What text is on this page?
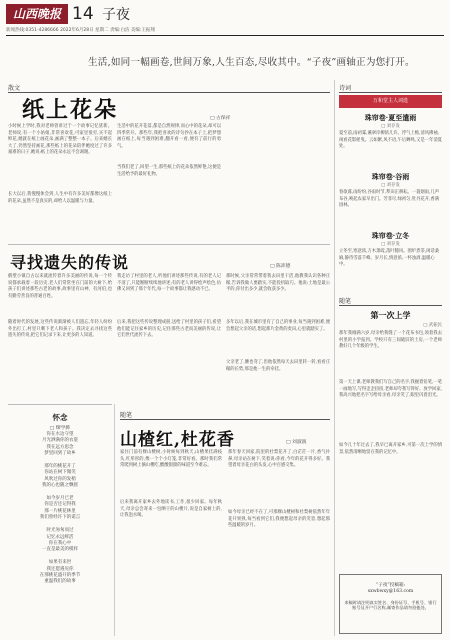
山西晚报 14 子夜
新闻热线:0351-4286666 2022年6月28日 星期二 责编:白洁 美编:王振翔
生活,如同一幅画卷,世间万象,人生百态,尽收其中。“子夜”画轴正为您打开。
散文	诗词
纸上花朵	□ 古保祥
小时候上学时,我对老师曾讲过于一个故事记忆犹新。老师说,有一个小姑娘,非常喜欢花,可家里很穷,买不起鲜花,她就在纸上画花朵,画满了整整一本子。后来她长大了,仍然坚持画花,那些纸上的花朵陪伴她度过了许多艰难的日子,她说:纸上的花朵永远不会凋谢。
长大以后,我慢慢体会到,人生中有许多美好都像这纸上的花朵,虽然不是真实的,却给人以温暖与力量。
生活中的花开花落,都是自然规律,而心中的花朵,却可以四季常开。那些年,我把喜欢的诗句抄在本子上,把梦想画在纸上,每当遇到困难,翻开看一看,便有了前行的勇气。
当我们老了,回望一生,那些纸上的花朵依然鲜艳,这便是生活给予的最好礼物。
寻找遗失的传说	□ 陈沛德
鹤壁小镇自古以来就流传着许多美丽的传说,每一个传说都承载着一段历史,老人们常常坐在门前的大树下,给孩子们讲述那些古老的故事,故事里有山神、有河伯,也有勤劳善良的普通百姓。
随着时代的发展,这些传说渐渐被人们遗忘,年轻人纷纷外出打工,村里只剩下老人和孩子。我决定去寻找这些遗失的传说,把它们记录下来,让更多的人知道。
我走访了村里的老人,听他们讲述那些传说,有的老人记不清了,只能断断续续地讲述;有的老人讲得绘声绘色,仿佛又回到了那个年代,每一个故事都让我感动不已。
后来,我把这些传说整理成册,送给了村里的孩子们,希望他们能记住家乡的历史,记住那些古老而美丽的传说,让它们世代流传下去。
那时候,父亲常常带着我去田里干活,他教我认识各种庄稼,告诉我做人要踏实,不能投机取巧。他说:土地是最公平的,你付出多少,就会收获多少。
多年以后,我在城市里有了自己的事业,每当遇到困难,便会想起父亲的话,想起那片金黄的麦田,心里就踏实了。
父亲老了,腰也弯了,但他依然每天去田里转一转,看看庄稼的长势,那是他一生的牵挂。
怀念
□ 缪学骅
你在水边守望
月光洒满你的衣裳
我在远方思念
梦里回到了故乡

那年的桃花开了
你站在树下微笑
风吹过你的发梢
我的心也随之飘摇

如今岁月已老
你是否还记得我
那一片桃花林里
我们曾经许下的诺言

时光匆匆而过
记忆永远鲜活
你在我心中
一直是最美的模样

如果有来世
我还愿遇见你
在那桃花盛开的季节
重温我们的故事
随笔
山楂红,杜花香	□ 刘淑演
家住门前有棵山楂树,小时候每到秋天,山楂果挂满枝头,红彤彤的,像一个个小灯笼,非常好看。那时我们常常爬到树上摘山楂吃,酸酸甜甜的味道至今难忘。
后来我离开家乡去外地读书,工作,很少回家。每年秋天,母亲总会寄来一包晒干的山楂片,说是自家树上的,让我泡水喝。
那年春天回家,院里的杜梨花开了,白茫茫一片,香气扑鼻,母亲站在树下,笑着说:你看,今年的花开得多好。我望着母亲花白的头发,心中百感交集。
如今母亲已经不在了,可那棵山楂树和杜梨树依然年年花开果熟,每当看到它们,我便想起母亲的笑容,想起那些温暖的岁月。
万和堂主人词选
珠帘卷·夏至遣雨
□ 刘存发
夏至前,雨初霁,溪翠岸柳浓几许。浮气上檐,清风拂袖,闲看花影摇曳。云如絮,风不语,午后蝉鸣,又是一年消夏处。
珠帘卷·谷雨
□ 刘存发
春欲暮,雨纷纷,谷雨时节,犁田正耕耘。一蓑烟雨,几声布谷,唤起农家早出门。芳菲尽,绿初匀,牡丹花开,香满园林。
珠帘卷·立冬
□ 刘存发
立冬至,寒意浓,万木萧疏,落叶随风。围炉煮茶,闲话桑麻,静待雪落千峰。岁月长,情意浓,一杯浊酒,温暖心中。
随笔
第一次上学
□ 武振民
那年我刚满六岁,母亲给我缝了一个花布书包,领着我去村里的小学报到。学校只有三间破旧的土房,一个老师教好几个年级的学生。
第一天上课,老师教我们写自己的名字,我握着铅笔,一笔一画地写,写得歪歪扭扭,老师却夸我写得好。放学回家,我高兴地把名字写给母亲看,母亲笑了,眼里闪着泪光。
如今几十年过去了,我早已离开家乡,可第一次上学的情景,依然清晰地留在我的记忆中。
“子夜”投稿箱:
sxwbwxy@163.com
来稿时请注明真实姓名、身份证号、手机号、银行账号及开户行名称,邮寄作品请勿投他处。
